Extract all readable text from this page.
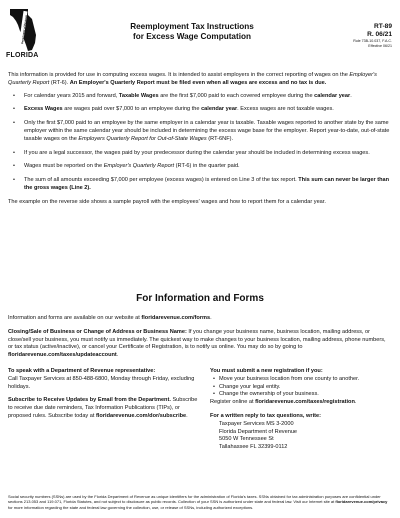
Department of Revenue
FLORIDA
Reemployment Tax Instructions
for Excess Wage Computation
RT-89
R. 06/21
Rule 73B-10.037, F.A.C.
Effective 06/21

This information is provided for use in computing excess wages. It is intended to assist employers in the correct reporting of wages on the Employer's Quarterly Report (RT-6). An Employer's Quarterly Report must be filed even when all wages are excess and no tax is due.

• For calendar years 2015 and forward, Taxable Wages are the first $7,000 paid to each covered employee during the calendar year.
• Excess Wages are wages paid over $7,000 to an employee during the calendar year. Excess wages are not taxable wages.
• Only the first $7,000 paid to an employee by the same employer in a calendar year is taxable. Taxable wages reported to another state by the same employer within the same calendar year should be included in determining the excess wage base for the employer. Report year-to-date, out-of-state taxable wages on the Employers Quarterly Report for Out-of-State Wages (RT-6NF).
• If you are a legal successor, the wages paid by your predecessor during the calendar year should be included in determining excess wages.
• Wages must be reported on the Employer's Quarterly Report (RT-6) in the quarter paid.
• The sum of all amounts exceeding $7,000 per employee (excess wages) is entered on Line 3 of the tax report. This sum can never be larger than the gross wages (Line 2).

The example on the reverse side shows a sample payroll with the employees' wages and how to report them for a calendar year.

For Information and Forms

Information and forms are available on our website at floridarevenue.com/forms.

Closing/Sale of Business or Change of Address or Business Name: If you change your business name, business location, mailing address, or close/sell your business, you must notify us immediately. The quickest way to make changes to your business location, mailing address, phone numbers, or tax status (active/inactive), or cancel your Certificate of Registration, is to notify us online. You may do so by going to floridarevenue.com/taxes/updateaccount.

To speak with a Department of Revenue representative:
Call Taxpayer Services at 850-488-6800, Monday through Friday, excluding holidays.

Subscribe to Receive Updates by Email from the Department. Subscribe to receive due date reminders, Tax Information Publications (TIPs), or proposed rules. Subscribe today at floridarevenue.com/dor/subscribe.

You must submit a new registration if you:
• Move your business location from one county to another.
• Change your legal entity.
• Change the ownership of your business.

Register online at floridarevenue.com/taxes/registration.

For a written reply to tax questions, write:
Taxpayer Services MS 3-2000
Florida Department of Revenue
5050 W Tennessee St
Tallahassee FL 32399-0112
Social security numbers (SSNs) are used by the Florida Department of Revenue as unique identifiers for the administration of Florida's taxes. SSNs obtained for tax administration purposes are confidential under sections 213.053 and 119.071, Florida Statutes, and not subject to disclosure as public records. Collection of your SSN is authorized under state and federal law. Visit our Internet site at floridarevenue.com/privacy for more information regarding the state and federal law governing the collection, use, or release of SSNs, including authorized exceptions.
